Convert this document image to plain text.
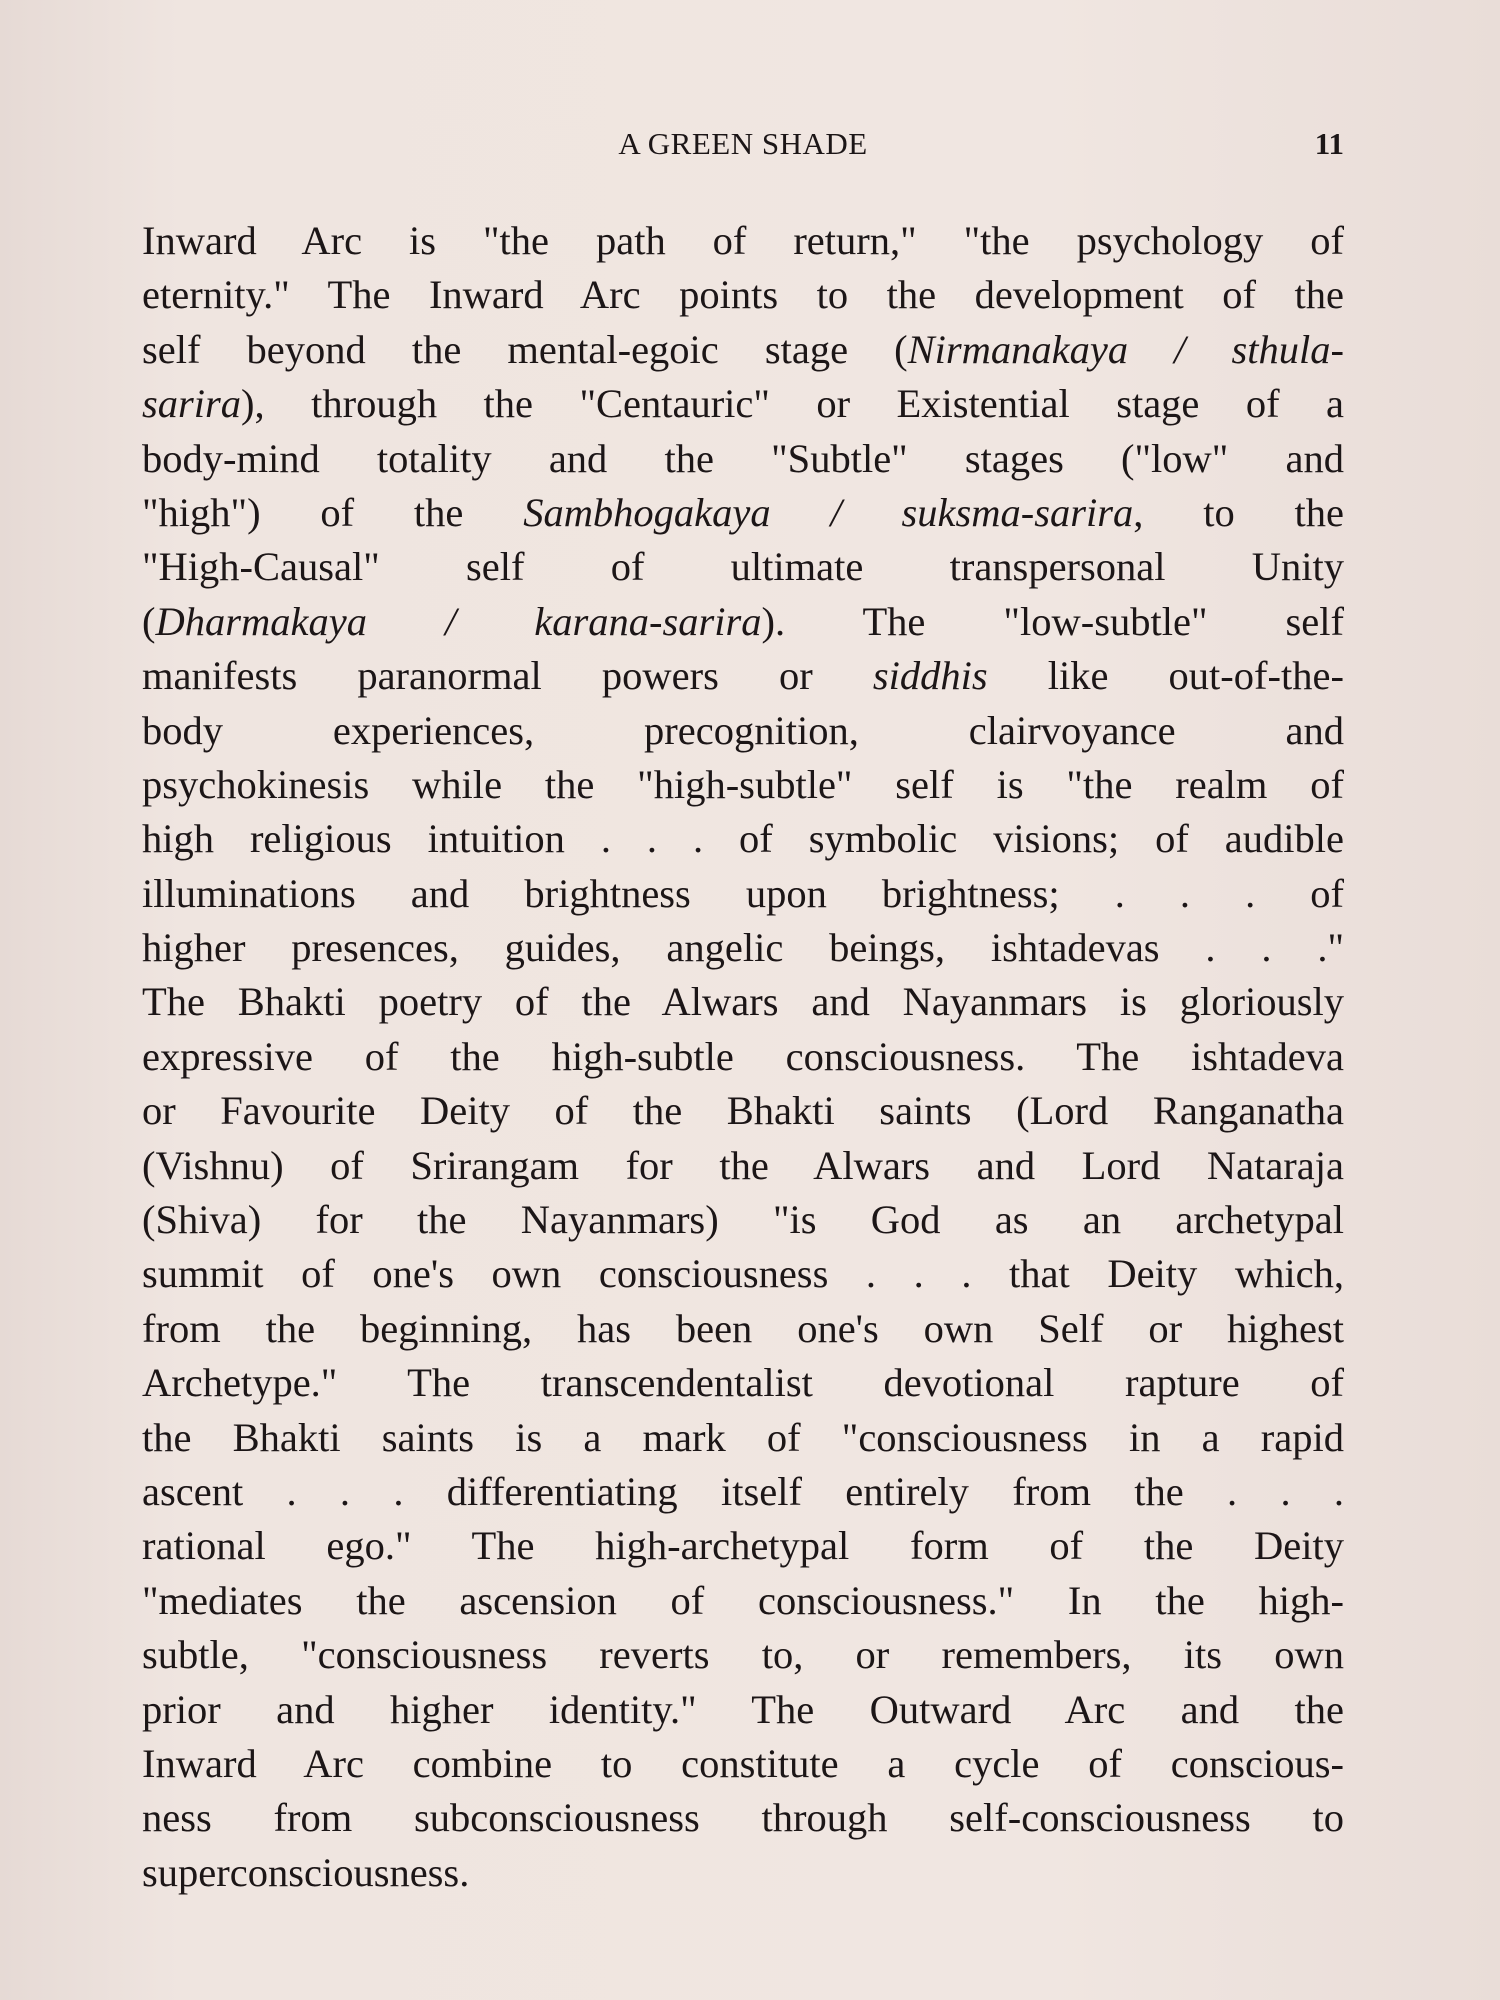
A GREEN SHADE	11
Inward Arc is "the path of return," "the psychology of
eternity." The Inward Arc points to the development of the
self beyond the mental-egoic stage (Nirmanakaya / sthula-
sarira), through the "Centauric" or Existential stage of a
body-mind totality and the "Subtle" stages ("low" and
"high") of the Sambhogakaya / suksma-sarira, to the
"High-Causal" self of ultimate transpersonal Unity
(Dharmakaya / karana-sarira). The "low-subtle" self
manifests paranormal powers or siddhis like out-of-the-
body experiences, precognition, clairvoyance and
psychokinesis while the "high-subtle" self is "the realm of
high religious intuition . . . of symbolic visions; of audible
illuminations and brightness upon brightness; . . . of
higher presences, guides, angelic beings, ishtadevas . . ."
The Bhakti poetry of the Alwars and Nayanmars is gloriously
expressive of the high-subtle consciousness. The ishtadeva
or Favourite Deity of the Bhakti saints (Lord Ranganatha
(Vishnu) of Srirangam for the Alwars and Lord Nataraja
(Shiva) for the Nayanmars) "is God as an archetypal
summit of one's own consciousness . . . that Deity which,
from the beginning, has been one's own Self or highest
Archetype." The transcendentalist devotional rapture of
the Bhakti saints is a mark of "consciousness in a rapid
ascent . . . differentiating itself entirely from the . . .
rational ego." The high-archetypal form of the Deity
"mediates the ascension of consciousness." In the high-
subtle, "consciousness reverts to, or remembers, its own
prior and higher identity." The Outward Arc and the
Inward Arc combine to constitute a cycle of conscious-
ness from subconsciousness through self-consciousness to
superconsciousness.
